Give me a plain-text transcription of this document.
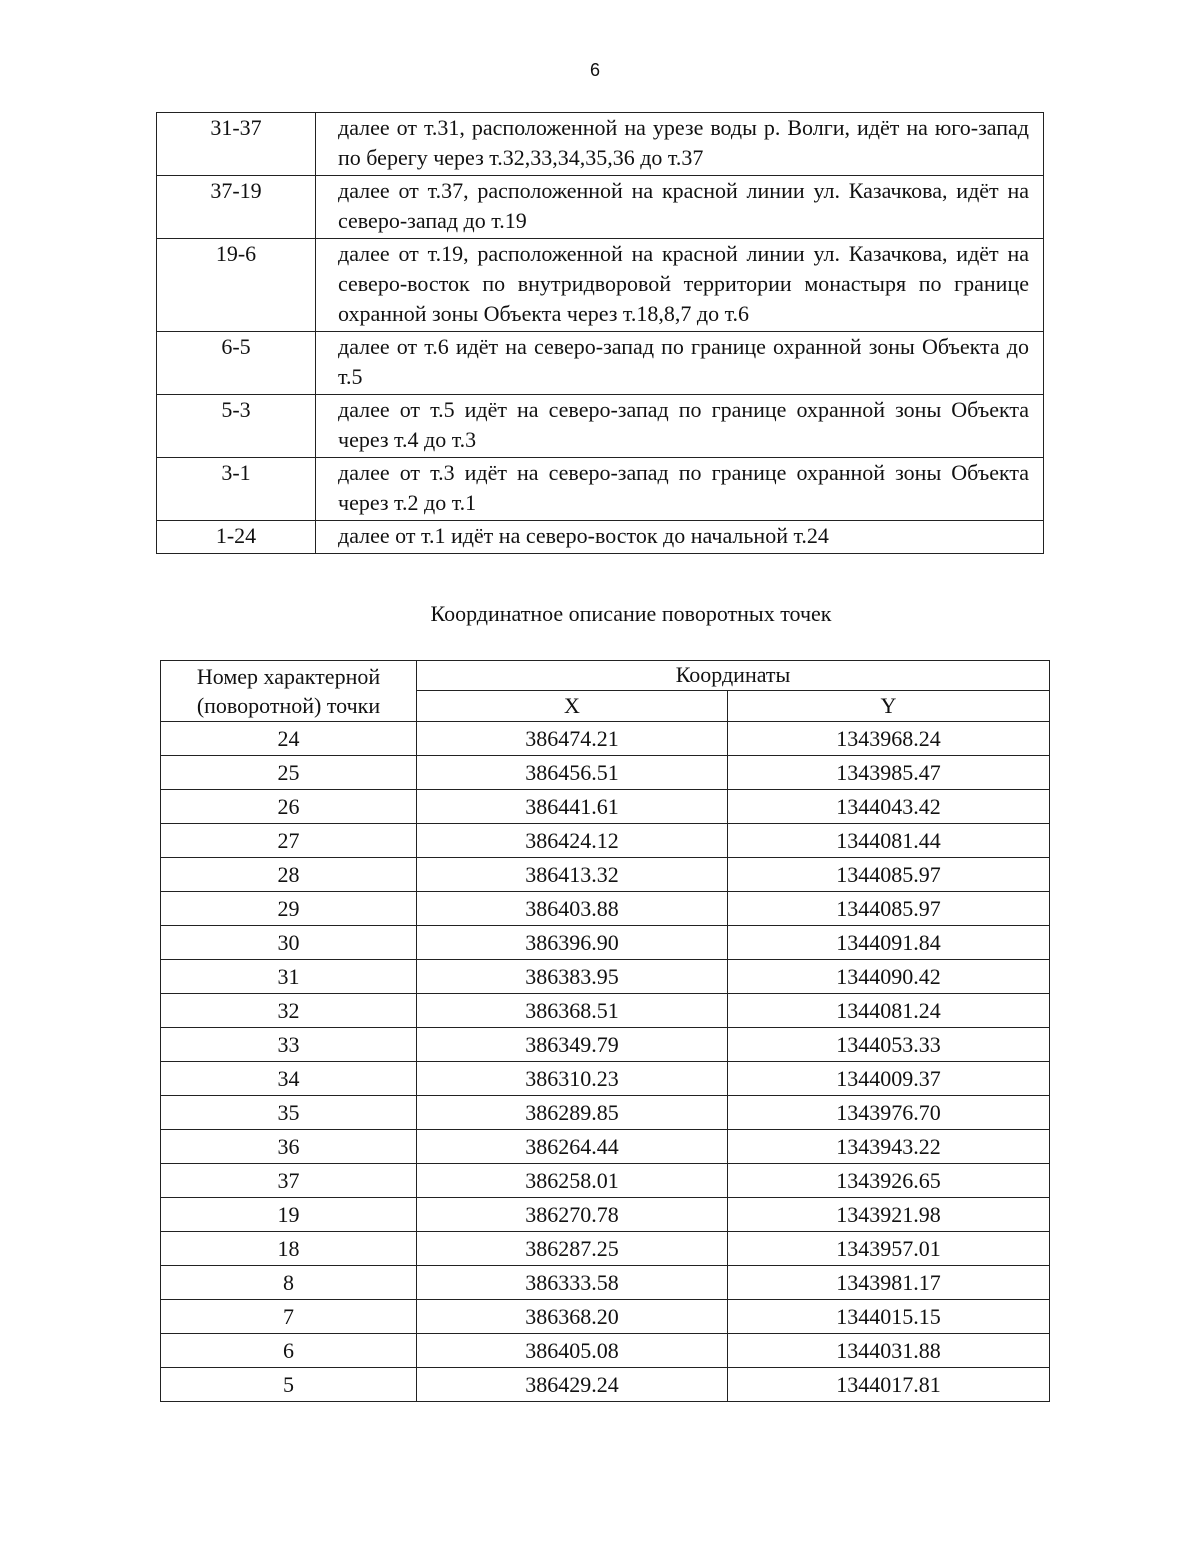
6
31-37	далее от т.31, расположенной на урезе воды р. Волги, идёт на юго-запад по берегу через т.32,33,34,35,36 до т.37
37-19	далее от т.37, расположенной на красной линии ул. Казачкова, идёт на северо-запад до т.19
19-6	далее от т.19, расположенной на красной линии ул. Казачкова, идёт на северо-восток по внутридворовой территории монастыря по границе охранной зоны Объекта через т.18,8,7 до т.6
6-5	далее от т.6 идёт на северо-запад по границе охранной зоны Объекта до т.5
5-3	далее от т.5 идёт на северо-запад по границе охранной зоны Объекта через т.4 до т.3
3-1	далее от т.3 идёт на северо-запад по границе охранной зоны Объекта через т.2 до т.1
1-24	далее от т.1 идёт на северо-восток до начальной т.24
Координатное описание поворотных точек
Номер характерной
(поворотной) точки	Координаты	
	X	Y
24	386474.21	1343968.24
25	386456.51	1343985.47
26	386441.61	1344043.42
27	386424.12	1344081.44
28	386413.32	1344085.97
29	386403.88	1344085.97
30	386396.90	1344091.84
31	386383.95	1344090.42
32	386368.51	1344081.24
33	386349.79	1344053.33
34	386310.23	1344009.37
35	386289.85	1343976.70
36	386264.44	1343943.22
37	386258.01	1343926.65
19	386270.78	1343921.98
18	386287.25	1343957.01
8	386333.58	1343981.17
7	386368.20	1344015.15
6	386405.08	1344031.88
5	386429.24	1344017.81
